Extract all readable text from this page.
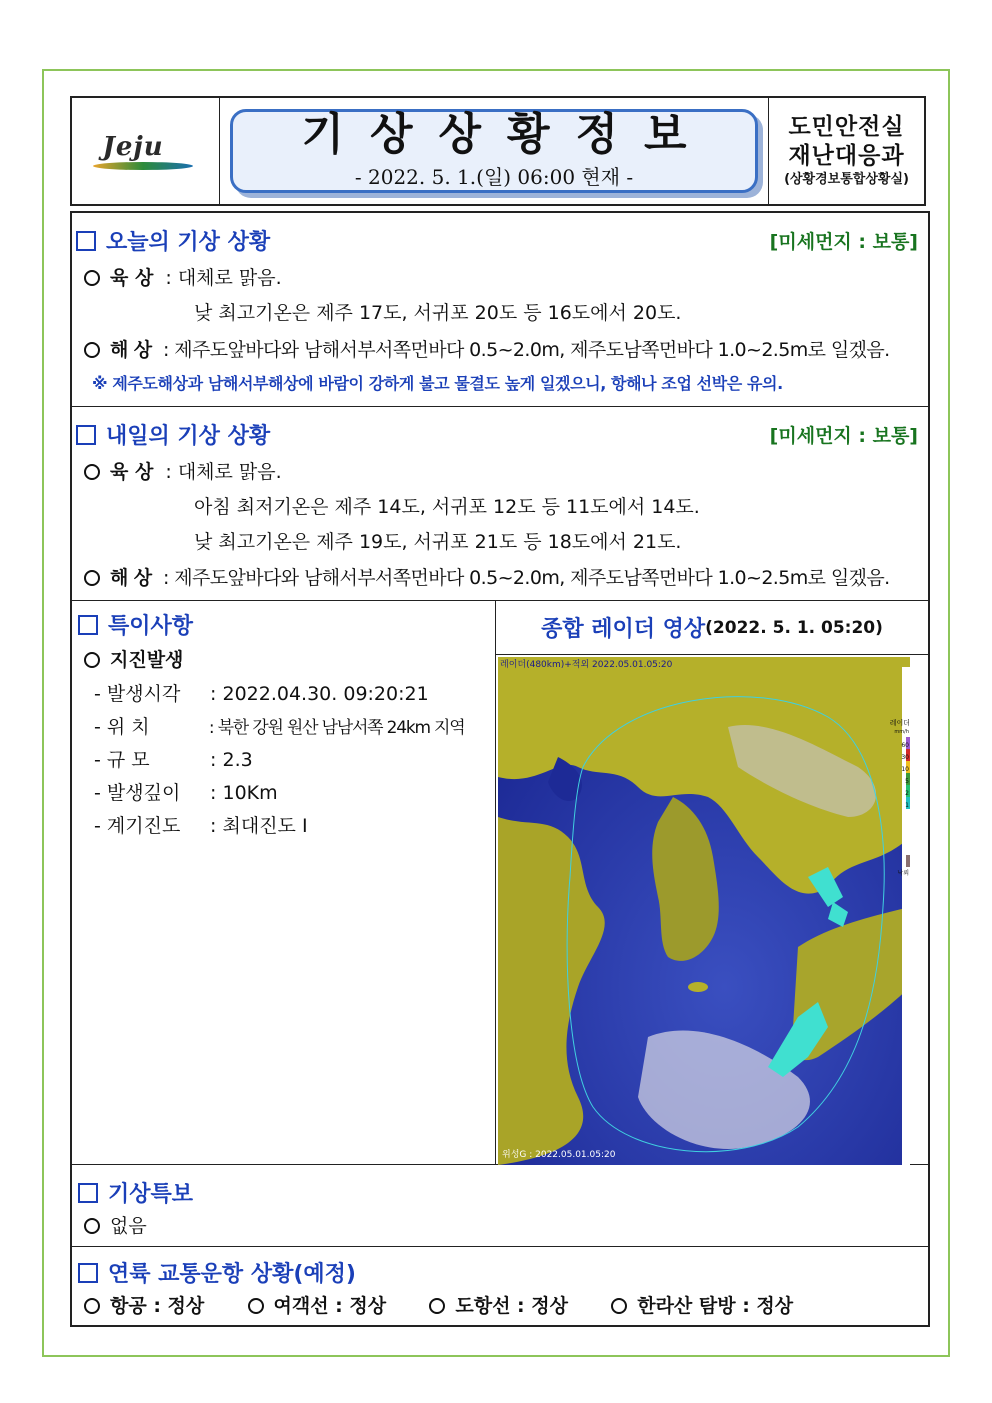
Jeju	기상상황정보
- 2022. 5. 1.(일) 06:00 현재 -
도민안전실
재난대응과
(상황경보통합상황실)
오늘의 기상 상황	[미세먼지 : 보통]
육 상 : 대체로 맑음.
낮 최고기온은 제주 17도, 서귀포 20도 등 16도에서 20도.
해 상 : 제주도앞바다와 남해서부서쪽먼바다 0.5~2.0m, 제주도남쪽먼바다 1.0~2.5m로 일겠음.
※ 제주도해상과 남해서부해상에 바람이 강하게 불고 물결도 높게 일겠으니, 항해나 조업 선박은 유의.
내일의 기상 상황	[미세먼지 : 보통]
육 상 : 대체로 맑음.
아침 최저기온은 제주 14도, 서귀포 12도 등 11도에서 14도.
낮 최고기온은 제주 19도, 서귀포 21도 등 18도에서 21도.
해 상 : 제주도앞바다와 남해서부서쪽먼바다 0.5~2.0m, 제주도남쪽먼바다 1.0~2.5m로 일겠음.
특이사항
지진발생
- 발생시각 : 2022.04.30. 09:20:21
- 위 치	: 북한 강원 원산 남남서쪽 24km 지역
- 규 모	: 2.3
- 발생깊이 : 10Km
- 계기진도 : 최대진도 Ⅰ
종합 레이더 영상 (2022. 5. 1. 05:20)
레이더(480km)+적외 2022.05.01.05:20
위성G : 2022.05.01.05:20
레이더
60
30
10
5
2
1
mm/h
낙뢰
기상특보
없음
연륙 교통운항 상황(예정)
항공 : 정상	여객선 : 정상	도항선 : 정상	한라산 탐방 : 정상
